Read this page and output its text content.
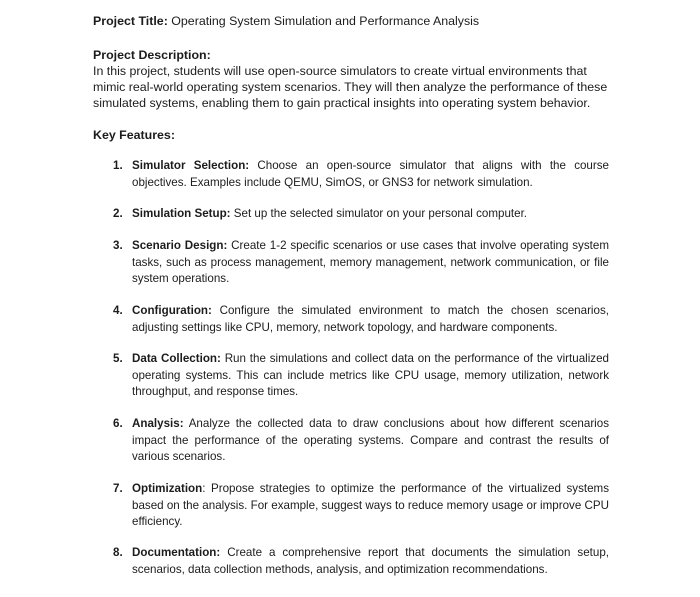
Project Title: Operating System Simulation and Performance Analysis
Project Description:
In this project, students will use open-source simulators to create virtual environments that mimic real-world operating system scenarios. They will then analyze the performance of these simulated systems, enabling them to gain practical insights into operating system behavior.
Key Features:
1. Simulator Selection: Choose an open-source simulator that aligns with the course objectives. Examples include QEMU, SimOS, or GNS3 for network simulation.
2. Simulation Setup: Set up the selected simulator on your personal computer.
3. Scenario Design: Create 1-2 specific scenarios or use cases that involve operating system tasks, such as process management, memory management, network communication, or file system operations.
4. Configuration: Configure the simulated environment to match the chosen scenarios, adjusting settings like CPU, memory, network topology, and hardware components.
5. Data Collection: Run the simulations and collect data on the performance of the virtualized operating systems. This can include metrics like CPU usage, memory utilization, network throughput, and response times.
6. Analysis: Analyze the collected data to draw conclusions about how different scenarios impact the performance of the operating systems. Compare and contrast the results of various scenarios.
7. Optimization: Propose strategies to optimize the performance of the virtualized systems based on the analysis. For example, suggest ways to reduce memory usage or improve CPU efficiency.
8. Documentation: Create a comprehensive report that documents the simulation setup, scenarios, data collection methods, analysis, and optimization recommendations.
